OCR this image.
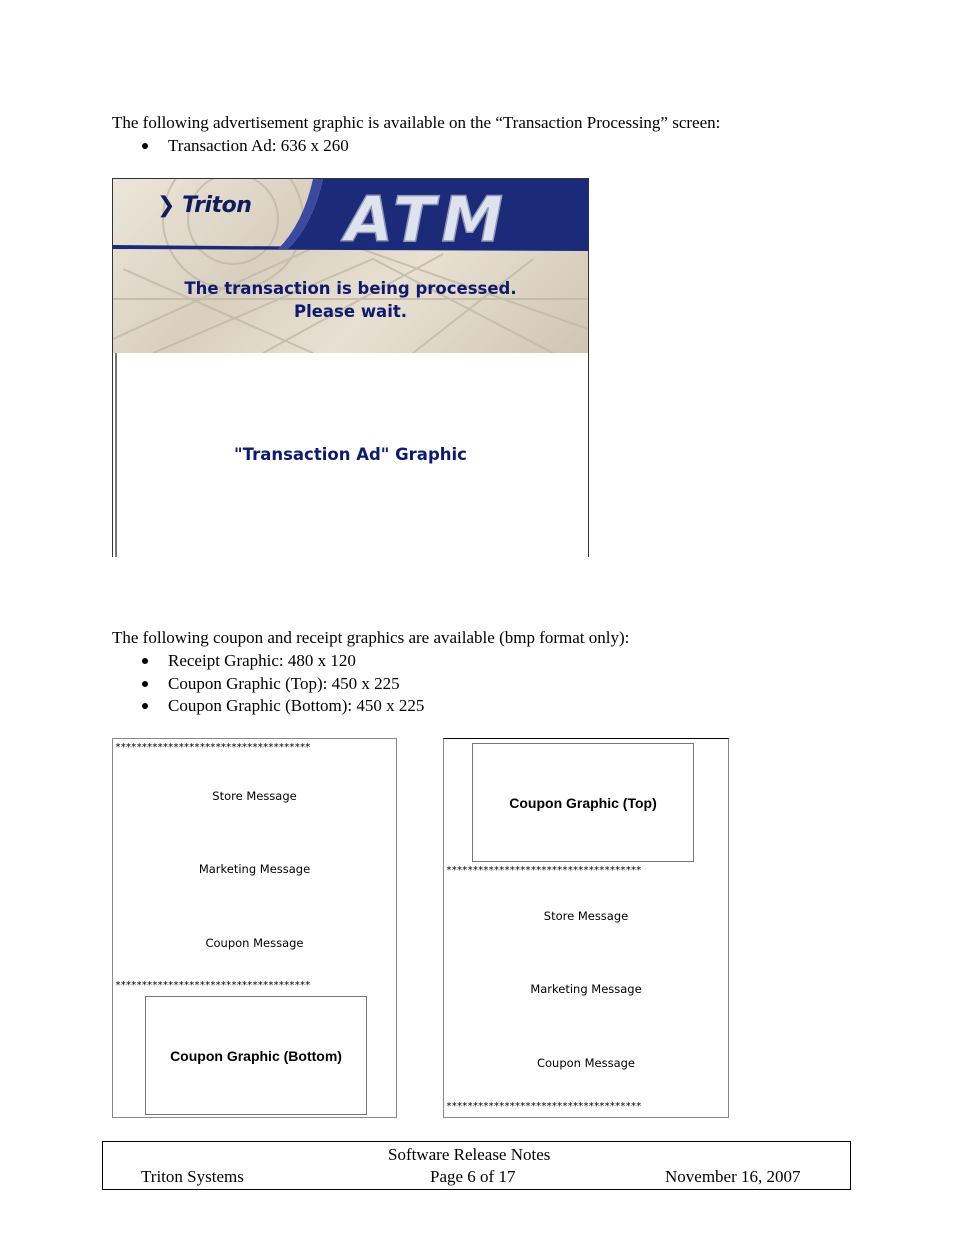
The following advertisement graphic is available on the “Transaction Processing” screen:
Transaction Ad: 636 x 260
ATM
❯ Triton
The transaction is being processed.
Please wait.
"Transaction Ad" Graphic
The following coupon and receipt graphics are available (bmp format only):
Receipt Graphic: 480 x 120
Coupon Graphic (Top): 450 x 225
Coupon Graphic (Bottom): 450 x 225
*************************************
Store Message
Marketing Message
Coupon Message
*************************************
Coupon Graphic (Bottom)
Coupon Graphic (Top)
*************************************
Store Message
Marketing Message
Coupon Message
*************************************
Software Release Notes
Triton Systems	Page 6 of 17	November 16, 2007
